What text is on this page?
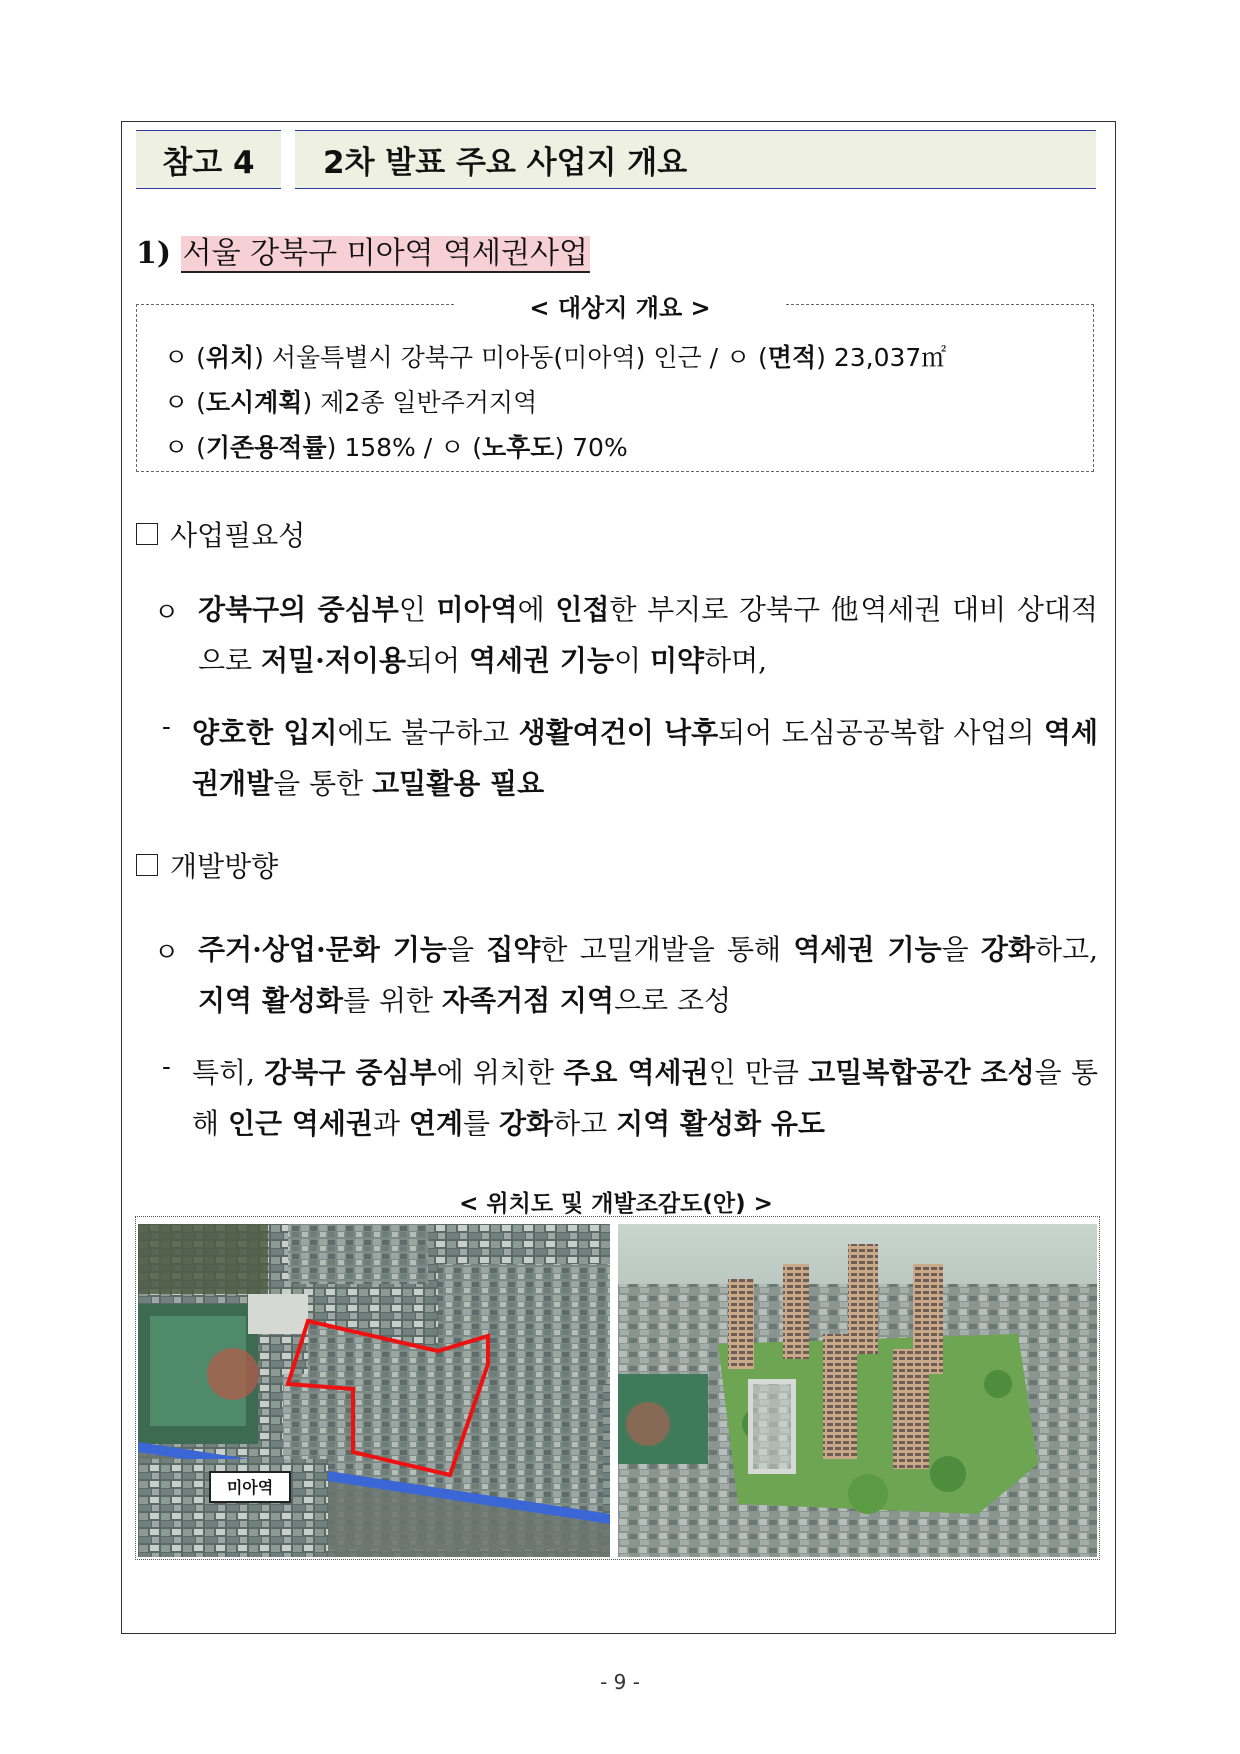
참고 4	2차 발표 주요 사업지 개요
1) 서울 강북구 미아역 역세권사업
< 대상지 개요 >
ㅇ (위치) 서울특별시 강북구 미아동(미아역) 인근 / ㅇ (면적) 23,037㎡
ㅇ (도시계획) 제2종 일반주거지역
ㅇ (기존용적률) 158% / ㅇ (노후도) 70%
사업필요성
ㅇ 강북구의 중심부인 미아역에 인접한 부지로 강북구 他역세권 대비 상대적으로 저밀·저이용되어 역세권 기능이 미약하며,
- 양호한 입지에도 불구하고 생활여건이 낙후되어 도심공공복합 사업의 역세권개발을 통한 고밀활용 필요
개발방향
ㅇ 주거·상업·문화 기능을 집약한 고밀개발을 통해 역세권 기능을 강화하고, 지역 활성화를 위한 자족거점 지역으로 조성
- 특히, 강북구 중심부에 위치한 주요 역세권인 만큼 고밀복합공간 조성을 통해 인근 역세권과 연계를 강화하고 지역 활성화 유도
< 위치도 및 개발조감도(안) >
미아역
- 9 -
